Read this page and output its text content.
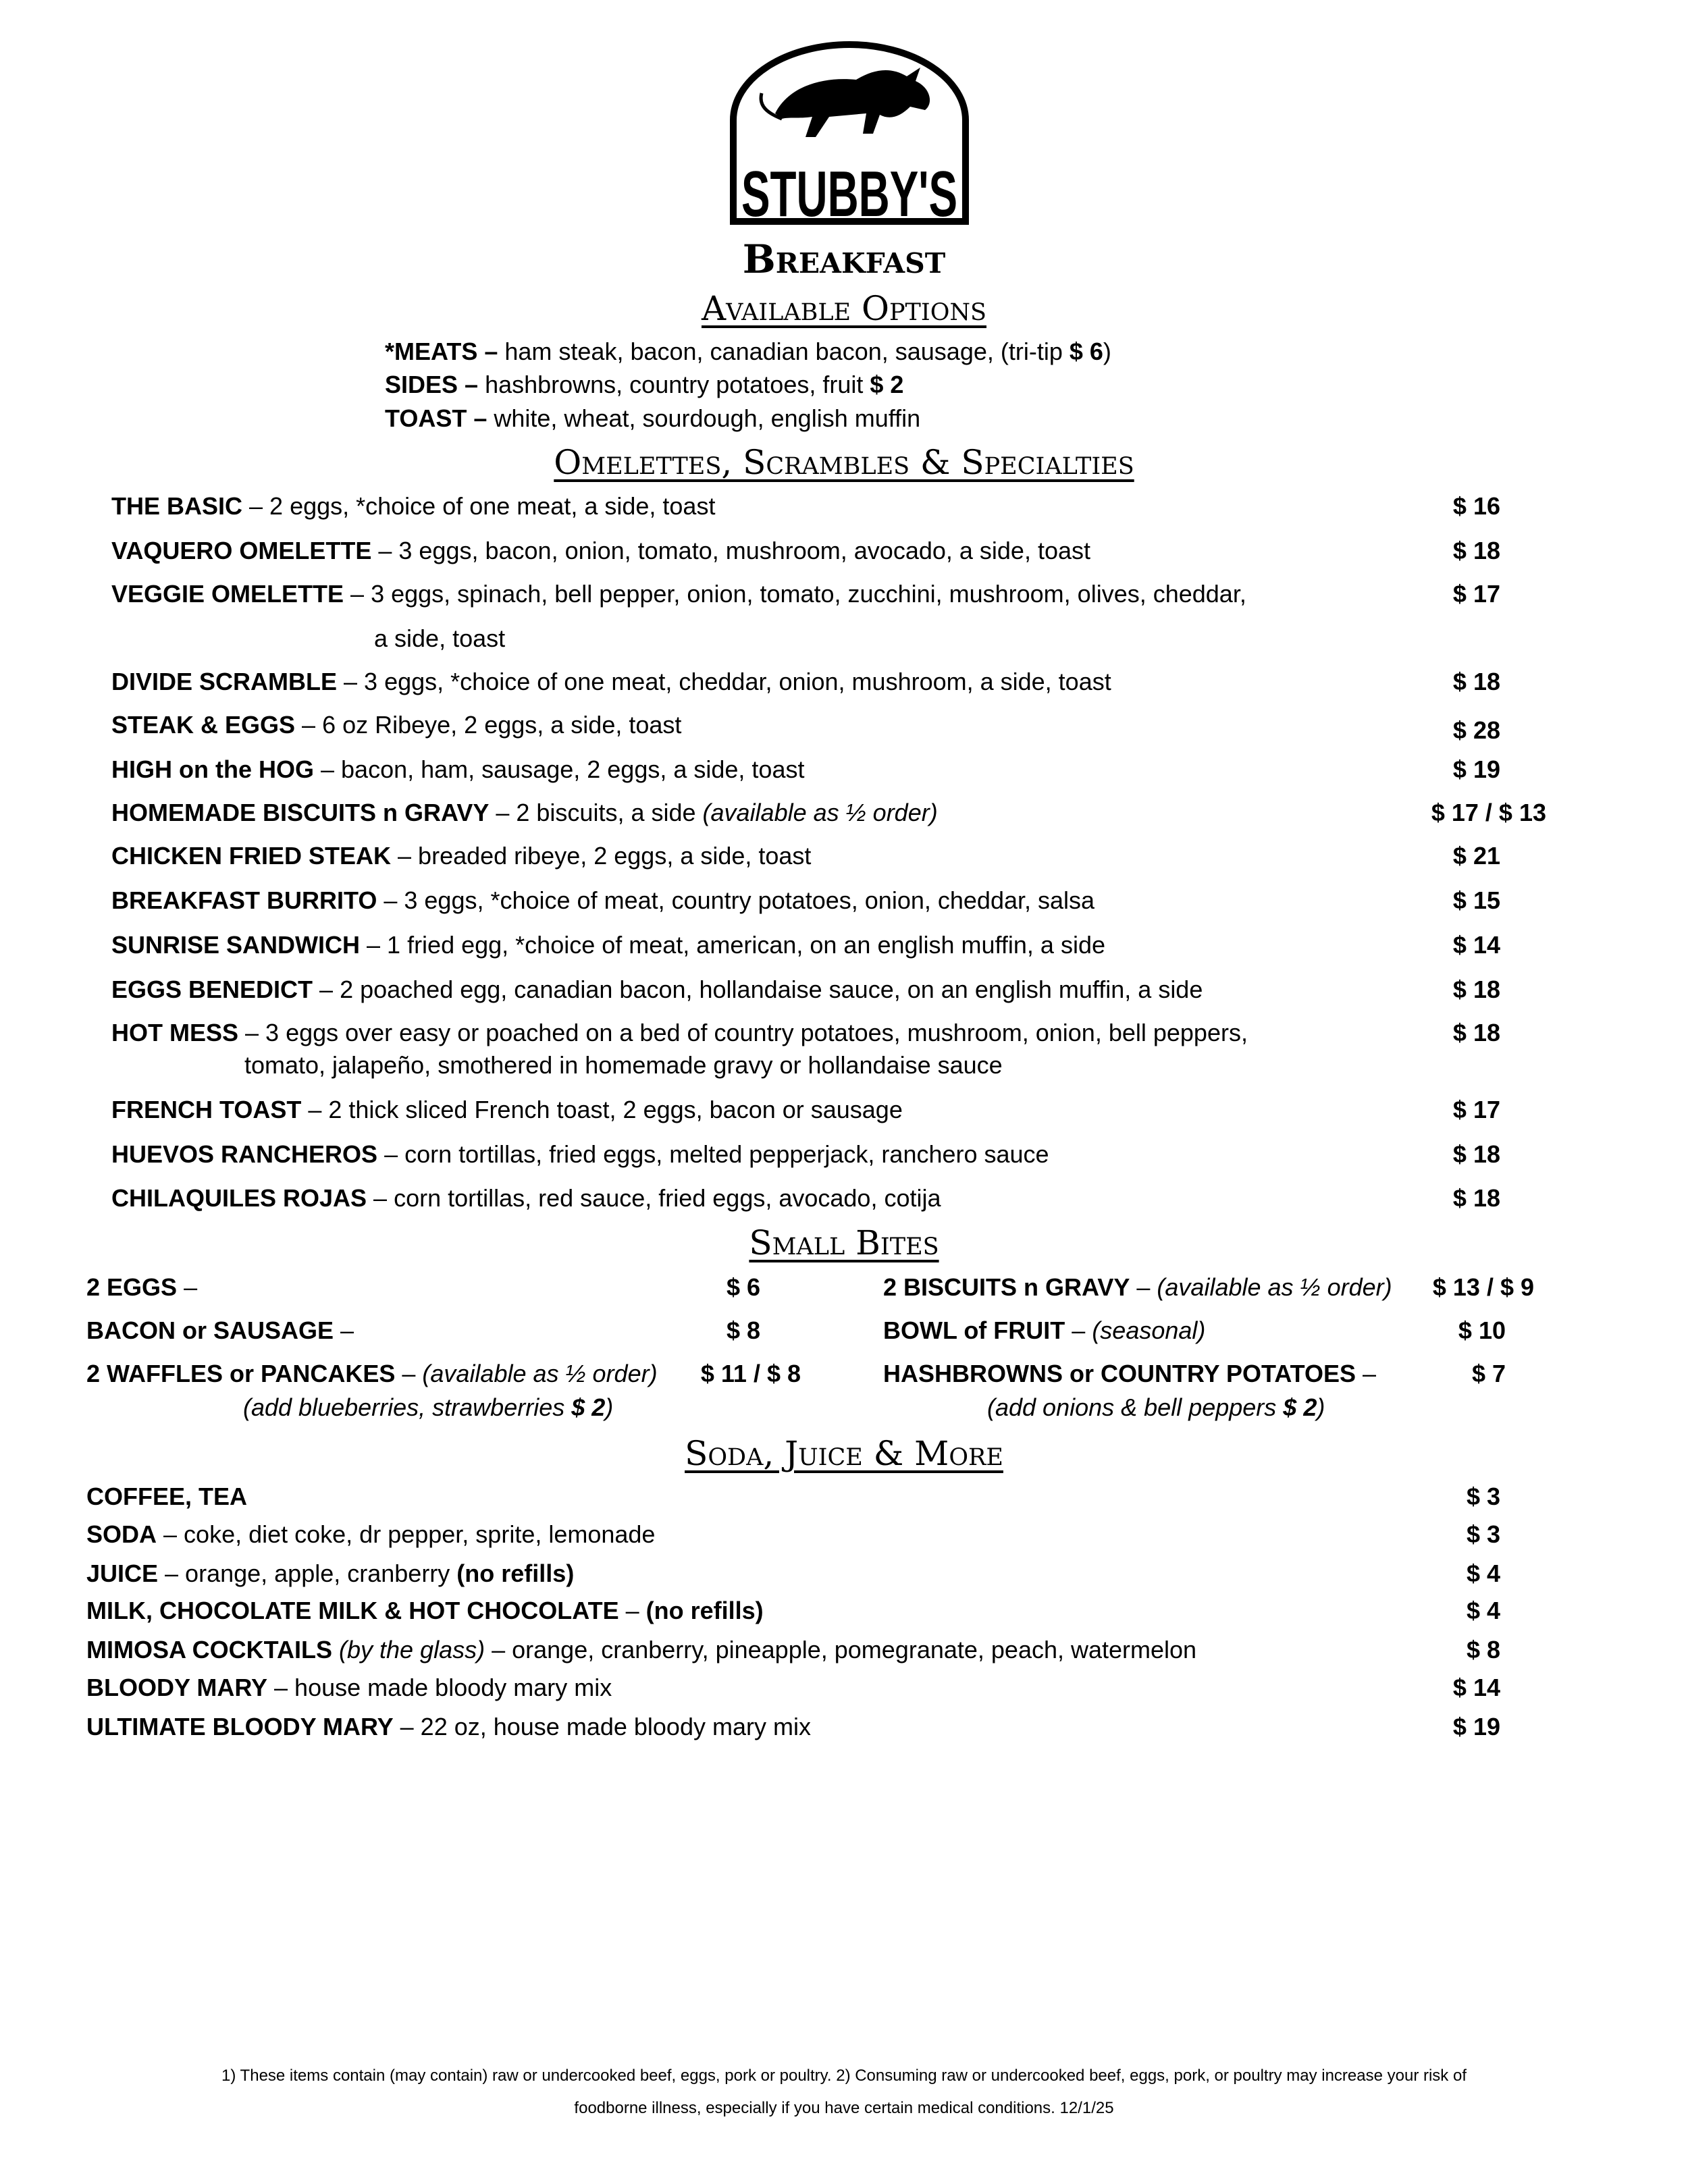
STUBBY'S
Breakfast
Available Options
Omelettes, Scrambles & Specialties
Small Bites
Soda, Juice & More
*MEATS – ham steak, bacon, canadian bacon, sausage, (tri-tip $ 6)
SIDES – hashbrowns, country potatoes, fruit $ 2
TOAST – white, wheat, sourdough, english muffin
THE BASIC – 2 eggs, *choice of one meat, a side, toast	$ 16
VAQUERO OMELETTE – 3 eggs, bacon, onion, tomato, mushroom, avocado, a side, toast	$ 18
VEGGIE OMELETTE – 3 eggs, spinach, bell pepper, onion, tomato, zucchini, mushroom, olives, cheddar,	$ 17
a side, toast
DIVIDE SCRAMBLE – 3 eggs, *choice of one meat, cheddar, onion, mushroom, a side, toast	$ 18
STEAK & EGGS – 6 oz Ribeye, 2 eggs, a side, toast	$ 28
HIGH on the HOG – bacon, ham, sausage, 2 eggs, a side, toast	$ 19
HOMEMADE BISCUITS n GRAVY – 2 biscuits, a side (available as ½ order)	$ 17 / $ 13
CHICKEN FRIED STEAK – breaded ribeye, 2 eggs, a side, toast	$ 21
BREAKFAST BURRITO – 3 eggs, *choice of meat, country potatoes, onion, cheddar, salsa	$ 15
SUNRISE SANDWICH – 1 fried egg, *choice of meat, american, on an english muffin, a side	$ 14
EGGS BENEDICT – 2 poached egg, canadian bacon, hollandaise sauce, on an english muffin, a side	$ 18
HOT MESS – 3 eggs over easy or poached on a bed of country potatoes, mushroom, onion, bell peppers,	$ 18
tomato, jalapeño, smothered in homemade gravy or hollandaise sauce
FRENCH TOAST – 2 thick sliced French toast, 2 eggs, bacon or sausage	$ 17
HUEVOS RANCHEROS – corn tortillas, fried eggs, melted pepperjack, ranchero sauce	$ 18
CHILAQUILES ROJAS – corn tortillas, red sauce, fried eggs, avocado, cotija	$ 18
2 EGGS –	$ 6
BACON or SAUSAGE –	$ 8
2 WAFFLES or PANCAKES – (available as ½ order) $ 11 / $ 8
(add blueberries, strawberries $ 2)
2 BISCUITS n GRAVY – (available as ½ order) $ 13 / $ 9
BOWL of FRUIT – (seasonal)	$ 10
HASHBROWNS or COUNTRY POTATOES –	$ 7
(add onions & bell peppers $ 2)
COFFEE, TEA	$ 3
SODA – coke, diet coke, dr pepper, sprite, lemonade	$ 3
JUICE – orange, apple, cranberry (no refills)	$ 4
MILK, CHOCOLATE MILK & HOT CHOCOLATE – (no refills)	$ 4
MIMOSA COCKTAILS (by the glass) – orange, cranberry, pineapple, pomegranate, peach, watermelon	$ 8
BLOODY MARY – house made bloody mary mix	$ 14
ULTIMATE BLOODY MARY – 22 oz, house made bloody mary mix	$ 19
1) These items contain (may contain) raw or undercooked beef, eggs, pork or poultry. 2) Consuming raw or undercooked beef, eggs, pork, or poultry may increase your risk of
foodborne illness, especially if you have certain medical conditions. 12/1/25
